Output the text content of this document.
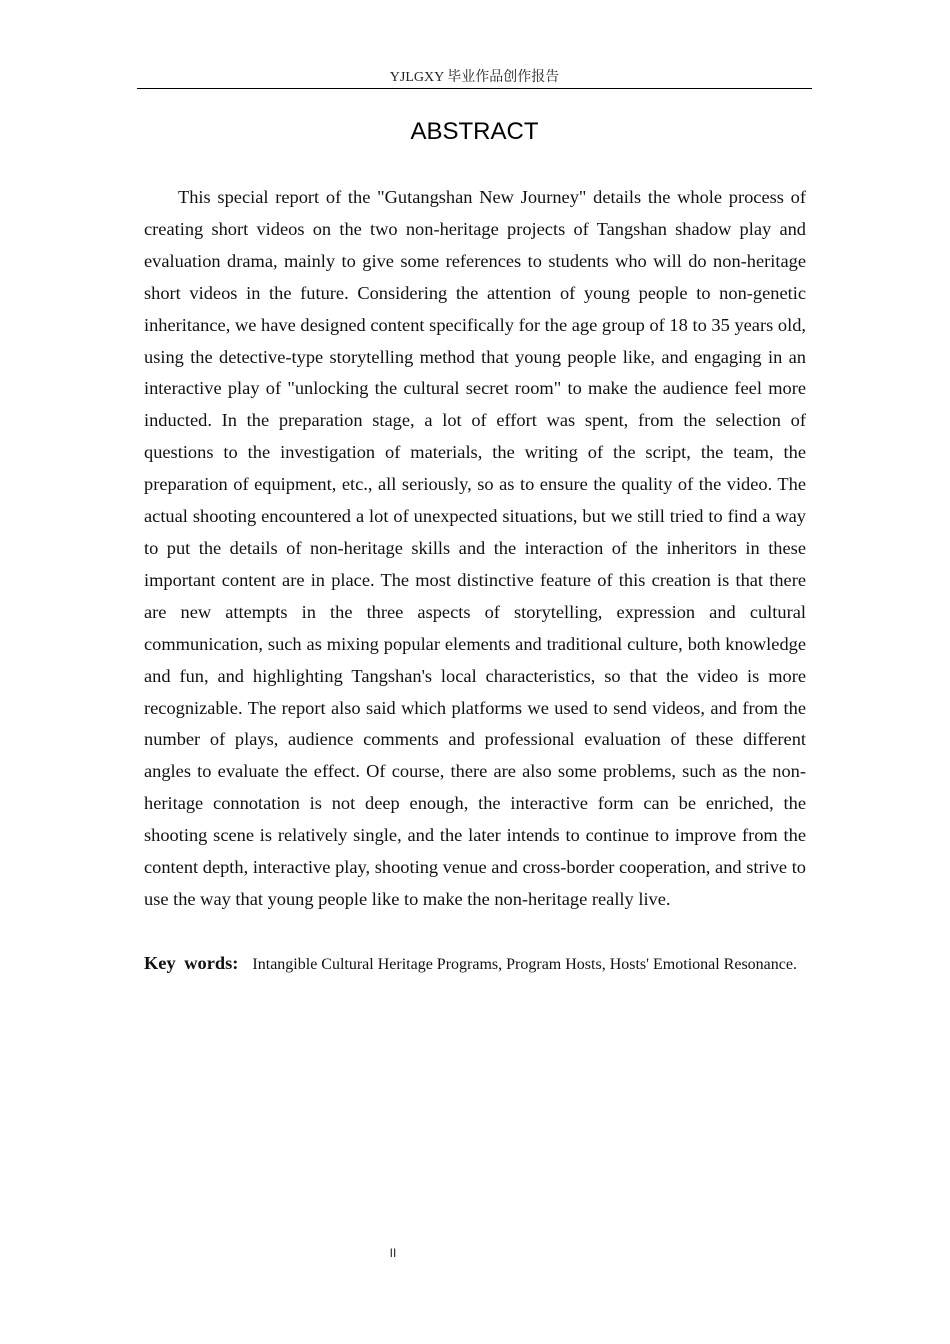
YJLGXY 毕业作品创作报告
ABSTRACT

This special report of the "Gutangshan New Journey" details the whole process of creating short videos on the two non-heritage projects of Tangshan shadow play and evaluation drama, mainly to give some references to students who will do non-heritage short videos in the future. Considering the attention of young people to non-genetic inheritance, we have designed content specifically for the age group of 18 to 35 years old, using the detective-type storytelling method that young people like, and engaging in an interactive play of "unlocking the cultural secret room" to make the audience feel more inducted. In the preparation stage, a lot of effort was spent, from the selection of questions to the investigation of materials, the writing of the script, the team, the preparation of equipment, etc., all seriously, so as to ensure the quality of the video. The actual shooting encountered a lot of unexpected situations, but we still tried to find a way to put the details of non-heritage skills and the interaction of the inheritors in these important content are in place. The most distinctive feature of this creation is that there are new attempts in the three aspects of storytelling, expression and cultural communication, such as mixing popular elements and traditional culture, both knowledge and fun, and highlighting Tangshan's local characteristics, so that the video is more recognizable. The report also said which platforms we used to send videos, and from the number of plays, audience comments and professional evaluation of these different angles to evaluate the effect. Of course, there are also some problems, such as the non-heritage connotation is not deep enough, the interactive form can be enriched, the shooting scene is relatively single, and the later intends to continue to improve from the content depth, interactive play, shooting venue and cross-border cooperation, and strive to use the way that young people like to make the non-heritage really live.

Key words: Intangible Cultural Heritage Programs, Program Hosts, Hosts' Emotional Resonance.

II
